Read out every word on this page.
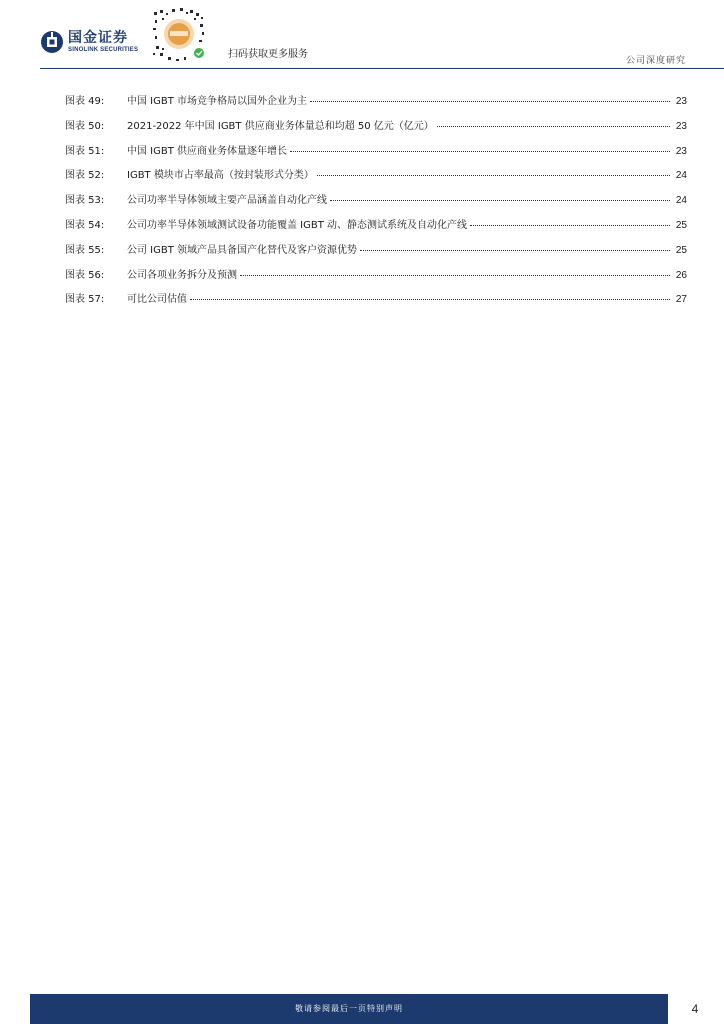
国金证券
SINOLINK SECURITIES	扫码获取更多服务
公司深度研究
图表 49:	中国 IGBT 市场竞争格局以国外企业为主	23
图表 50:	2021-2022 年中国 IGBT 供应商业务体量总和均超 50 亿元（亿元）	23
图表 51:	中国 IGBT 供应商业务体量逐年增长	23
图表 52:	IGBT 模块市占率最高（按封装形式分类）	24
图表 53:	公司功率半导体领域主要产品涵盖自动化产线	24
图表 54:	公司功率半导体领域测试设备功能覆盖 IGBT 动、静态测试系统及自动化产线	25
图表 55:	公司 IGBT 领域产品具备国产化替代及客户资源优势	25
图表 56:	公司各项业务拆分及预测	26
图表 57:	可比公司估值	27
敬请参阅最后一页特别声明	4
